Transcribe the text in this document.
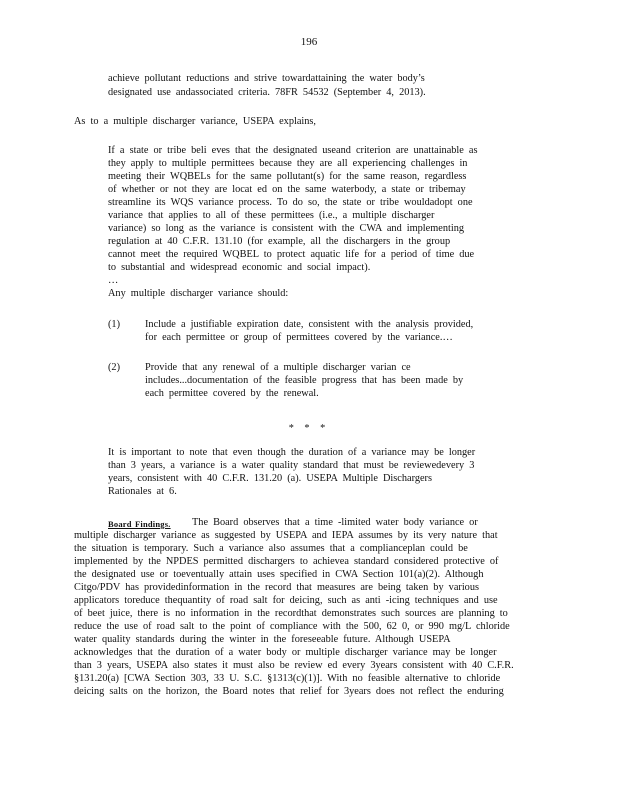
196
achieve pollutant reductions and strive towardattaining the water body’s
designated use andassociated criteria. 78FR 54532 (September 4, 2013).
As to a multiple discharger variance, USEPA explains,
If a state or tribe beli eves that the designated useand criterion are unattainable as
they apply to multiple permittees because they are all experiencing challenges in
meeting their WQBELs for the same pollutant(s) for the same reason, regardless
of whether or not they are locat ed on the same waterbody, a state or tribemay
streamline its WQS variance process. To do so, the state or tribe wouldadopt one
variance that applies to all of these permittees (i.e., a multiple discharger
variance) so long as the variance is consistent with the CWA and implementing
regulation at 40 C.F.R. 131.10 (for example, all the dischargers in the group
cannot meet the required WQBEL to protect aquatic life for a period of time due
to substantial and widespread economic and social impact).
…
Any multiple discharger variance should:
(1) Include a justifiable expiration date, consistent with the analysis provided,
for each permittee or group of permittees covered by the variance.…
(2) Provide that any renewal of a multiple discharger varian ce
includes...documentation of the feasible progress that has been made by
each permittee covered by the renewal.
* * *
It is important to note that even though the duration of a variance may be longer
than 3 years, a variance is a water quality standard that must be reviewedevery 3
years, consistent with 40 C.F.R. 131.20 (a). USEPA Multiple Dischargers
Rationales at 6.
Board Findings. The Board observes that a time -limited water body variance or
multiple discharger variance as suggested by USEPA and IEPA assumes by its very nature that
the situation is temporary. Such a variance also assumes that a complianceplan could be
implemented by the NPDES permitted dischargers to achievea standard considered protective of
the designated use or toeventually attain uses specified in CWA Section 101(a)(2). Although
Citgo/PDV has providedinformation in the record that measures are being taken by various
applicators toreduce thequantity of road salt for deicing, such as anti -icing techniques and use
of beet juice, there is no information in the recordthat demonstrates such sources are planning to
reduce the use of road salt to the point of compliance with the 500, 62 0, or 990 mg/L chloride
water quality standards during the winter in the foreseeable future. Although USEPA
acknowledges that the duration of a water body or multiple discharger variance may be longer
than 3 years, USEPA also states it must also be review ed every 3years consistent with 40 C.F.R.
§131.20(a) [CWA Section 303, 33 U. S.C. §1313(c)(1)]. With no feasible alternative to chloride
deicing salts on the horizon, the Board notes that relief for 3years does not reflect the enduring
